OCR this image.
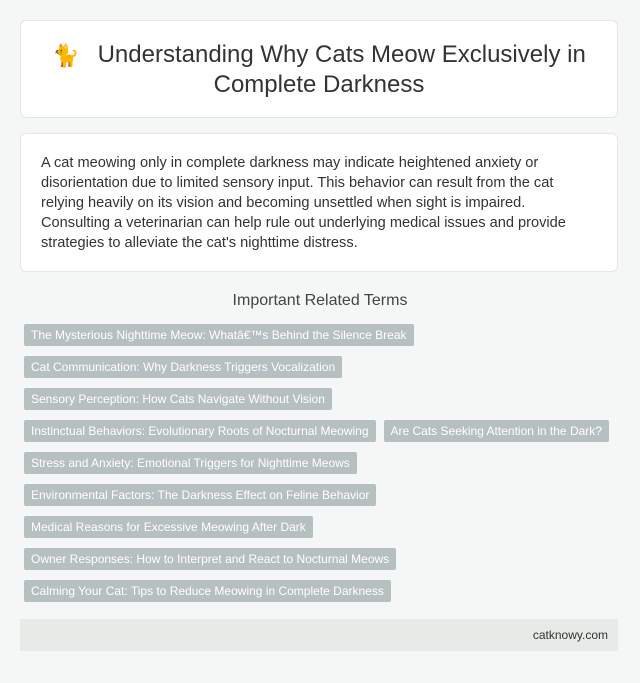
🐈 Understanding Why Cats Meow Exclusively in Complete Darkness

A cat meowing only in complete darkness may indicate heightened anxiety or disorientation due to limited sensory input. This behavior can result from the cat relying heavily on its vision and becoming unsettled when sight is impaired. Consulting a veterinarian can help rule out underlying medical issues and provide strategies to alleviate the cat's nighttime distress.

Important Related Terms
The Mysterious Nighttime Meow: Whatâ€™s Behind the Silence Break
Cat Communication: Why Darkness Triggers Vocalization
Sensory Perception: How Cats Navigate Without Vision
Instinctual Behaviors: Evolutionary Roots of Nocturnal Meowing	Are Cats Seeking Attention in the Dark?
Stress and Anxiety: Emotional Triggers for Nighttime Meows
Environmental Factors: The Darkness Effect on Feline Behavior
Medical Reasons for Excessive Meowing After Dark
Owner Responses: How to Interpret and React to Nocturnal Meows
Calming Your Cat: Tips to Reduce Meowing in Complete Darkness
catknowy.com
